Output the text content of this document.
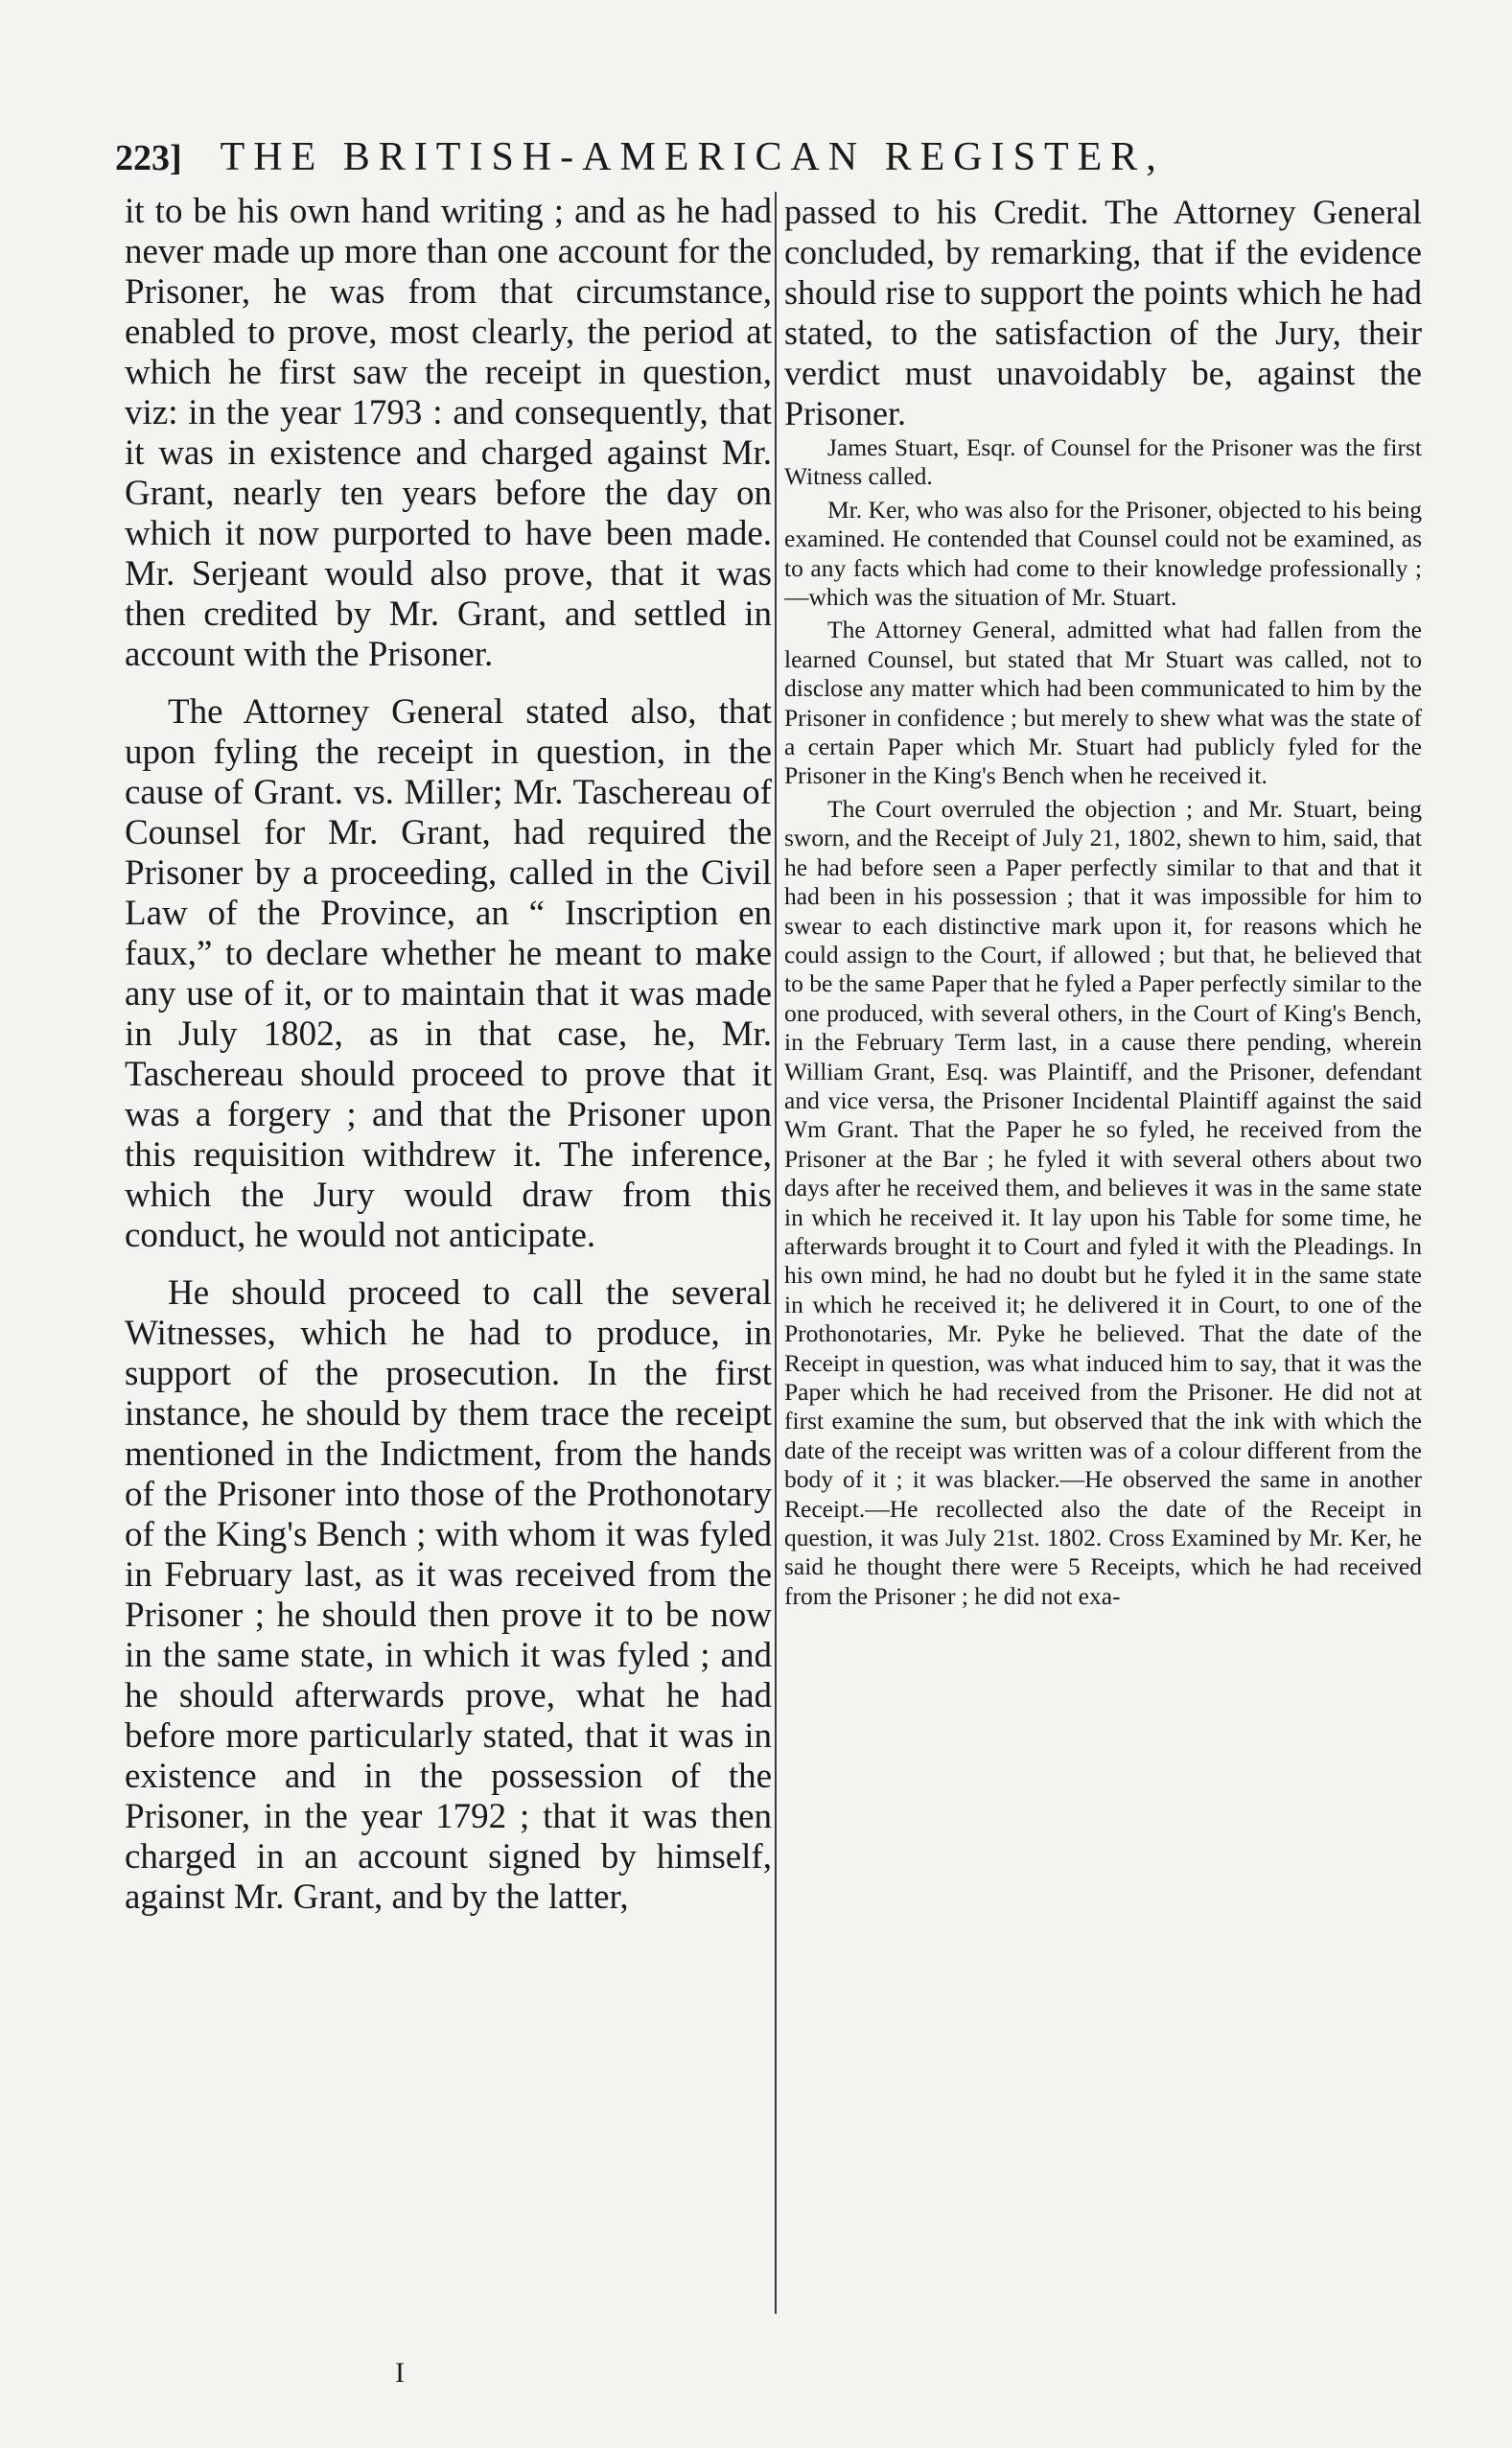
223] THE BRITISH-AMERICAN REGISTER,

it to be his own hand writing ; and as he had never made up more than one account for the Prisoner, he was from that circumstance, enabled to prove, most clearly, the period at which he first saw the receipt in question, viz: in the year 1793 : and consequently, that it was in existence and charged against Mr. Grant, nearly ten years before the day on which it now purported to have been made. Mr. Serjeant would also prove, that it was then credited by Mr. Grant, and settled in account with the Prisoner.

The Attorney General stated also, that upon fyling the receipt in question, in the cause of Grant. vs. Miller; Mr. Taschereau of Counsel for Mr. Grant, had required the Prisoner by a proceeding, called in the Civil Law of the Province, an “ Inscription en faux,” to declare whether he meant to make any use of it, or to maintain that it was made in July 1802, as in that case, he, Mr. Taschereau should proceed to prove that it was a forgery ; and that the Prisoner upon this requisition withdrew it. The inference, which the Jury would draw from this conduct, he would not anticipate.

He should proceed to call the several Witnesses, which he had to produce, in support of the prosecution. In the first instance, he should by them trace the receipt mentioned in the Indictment, from the hands of the Prisoner into those of the Prothonotary of the King's Bench ; with whom it was fyled in February last, as it was received from the Prisoner ; he should then prove it to be now in the same state, in which it was fyled ; and he should afterwards prove, what he had before more particularly stated, that it was in existence and in the possession of the Prisoner, in the year 1792 ; that it was then charged in an account signed by himself, against Mr. Grant, and by the latter,

passed to his Credit. The Attorney General concluded, by remarking, that if the evidence should rise to support the points which he had stated, to the satisfaction of the Jury, their verdict must unavoidably be, against the Prisoner.

James Stuart, Esqr. of Counsel for the Prisoner was the first Witness called.

Mr. Ker, who was also for the Prisoner, objected to his being examined. He contended that Counsel could not be examined, as to any facts which had come to their knowledge professionally ;—which was the situation of Mr. Stuart.

The Attorney General, admitted what had fallen from the learned Counsel, but stated that Mr Stuart was called, not to disclose any matter which had been communicated to him by the Prisoner in confidence ; but merely to shew what was the state of a certain Paper which Mr. Stuart had publicly fyled for the Prisoner in the King's Bench when he received it.

The Court overruled the objection ; and Mr. Stuart, being sworn, and the Receipt of July 21, 1802, shewn to him, said, that he had before seen a Paper perfectly similar to that and that it had been in his possession ; that it was impossible for him to swear to each distinctive mark upon it, for reasons which he could assign to the Court, if allowed ; but that, he believed that to be the same Paper that he fyled a Paper perfectly similar to the one produced, with several others, in the Court of King's Bench, in the February Term last, in a cause there pending, wherein William Grant, Esq. was Plaintiff, and the Prisoner, defendant and vice versa, the Prisoner Incidental Plaintiff against the said Wm Grant. That the Paper he so fyled, he received from the Prisoner at the Bar ; he fyled it with several others about two days after he received them, and believes it was in the same state in which he received it. It lay upon his Table for some time, he afterwards brought it to Court and fyled it with the Pleadings. In his own mind, he had no doubt but he fyled it in the same state in which he received it; he delivered it in Court, to one of the Prothonotaries, Mr. Pyke he believed. That the date of the Receipt in question, was what induced him to say, that it was the Paper which he had received from the Prisoner. He did not at first examine the sum, but observed that the ink with which the date of the receipt was written was of a colour different from the body of it ; it was blacker.—He observed the same in another Receipt.—He recollected also the date of the Receipt in question, it was July 21st. 1802. Cross Examined by Mr. Ker, he said he thought there were 5 Receipts, which he had received from the Prisoner ; he did not exa-

I
